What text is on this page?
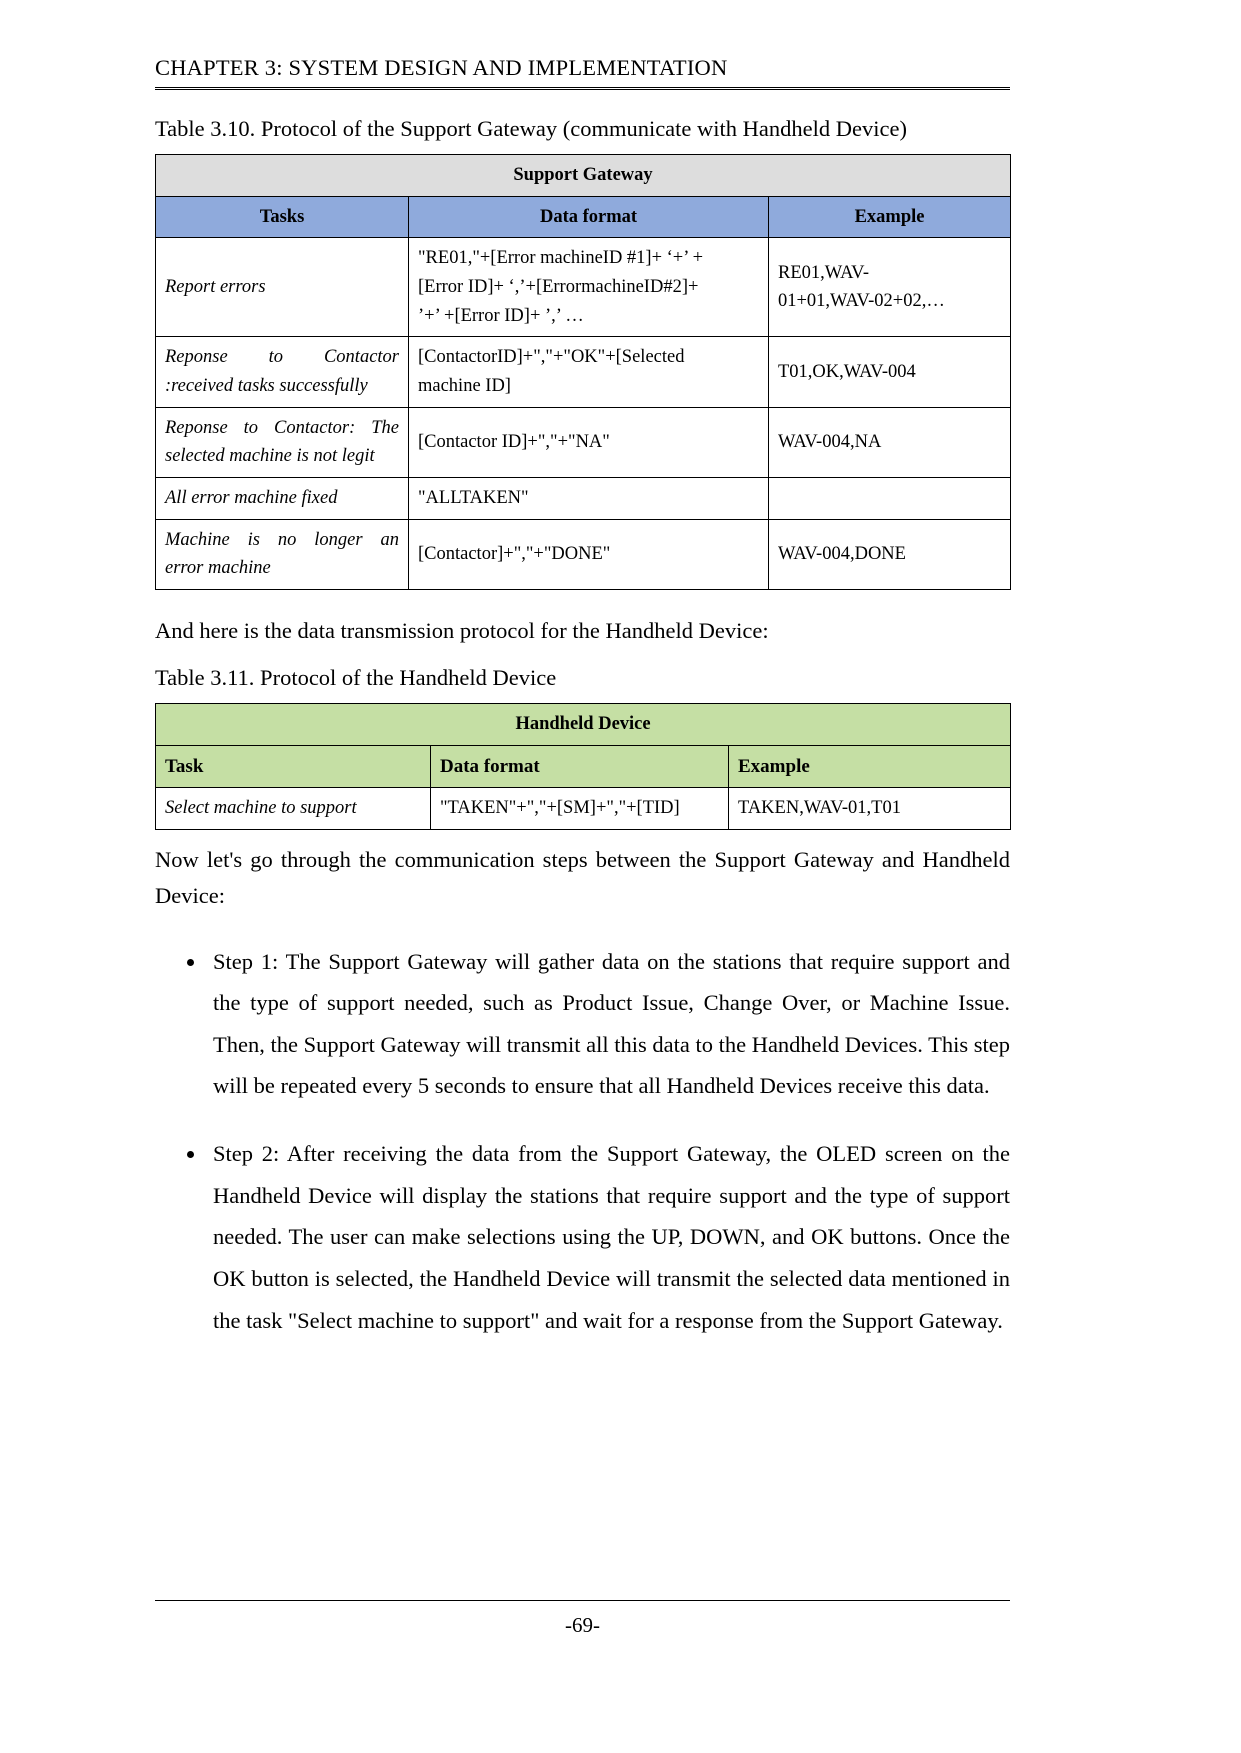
CHAPTER 3: SYSTEM DESIGN AND IMPLEMENTATION
Table 3.10. Protocol of the Support Gateway (communicate with Handheld Device)
Support Gateway		
Tasks	Data format	Example
Report errors	"RE01,"+[Error machineID #1]+ ‘+’ +
[Error ID]+ ‘,’+[ErrormachineID#2]+
’+’ +[Error ID]+ ’,’ …	RE01,WAV-
01+01,WAV-02+02,…

Reponse to Contactor
:received tasks successfully	[ContactorID]+","+"OK"+[Selected
machine ID]	T01,OK,WAV-004

Reponse to Contactor: The
selected machine is not legit	[Contactor ID]+","+"NA"	WAV-004,NA
All error machine fixed	"ALLTAKEN"	

Machine is no longer an
error machine	[Contactor]+","+"DONE"	WAV-004,DONE
And here is the data transmission protocol for the Handheld Device:
Table 3.11. Protocol of the Handheld Device
Handheld Device		
Task	Data format	Example
Select machine to support	"TAKEN"+","+[SM]+","+[TID]	TAKEN,WAV-01,T01
Now let's go through the communication steps between the Support Gateway and Handheld Device:
• Step 1: The Support Gateway will gather data on the stations that require support and the type of support needed, such as Product Issue, Change Over, or Machine Issue. Then, the Support Gateway will transmit all this data to the Handheld Devices. This step will be repeated every 5 seconds to ensure that all Handheld Devices receive this data.
• Step 2: After receiving the data from the Support Gateway, the OLED screen on the Handheld Device will display the stations that require support and the type of support needed. The user can make selections using the UP, DOWN, and OK buttons. Once the OK button is selected, the Handheld Device will transmit the selected data mentioned in the task "Select machine to support" and wait for a response from the Support Gateway.
-69-
